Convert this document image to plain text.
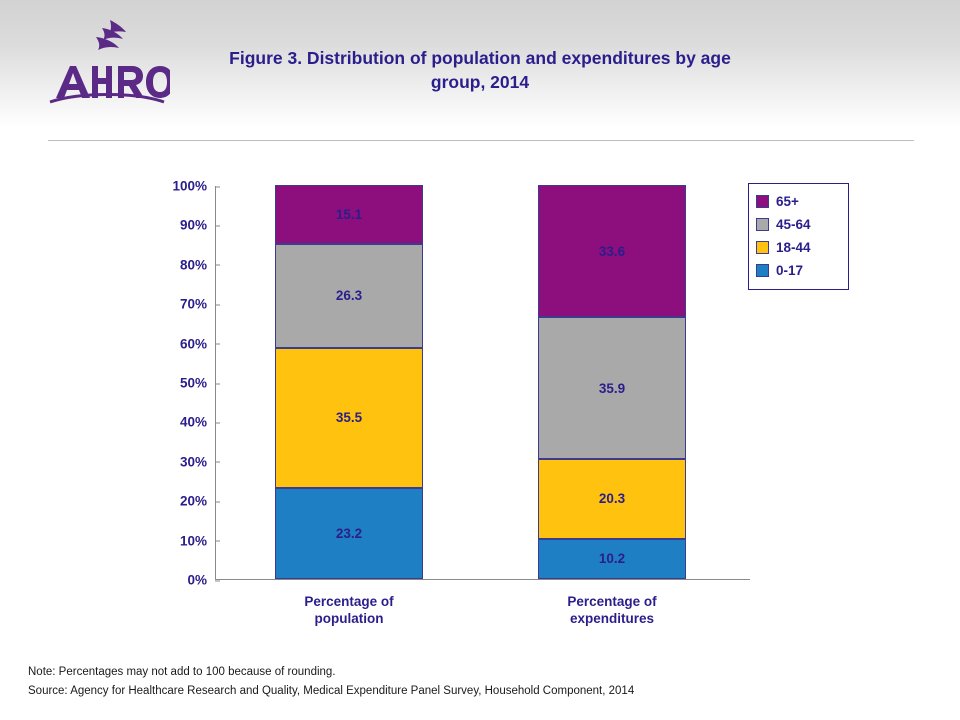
Figure 3. Distribution of population and expenditures by age group, 2014
0%
10%
20%
30%
40%
50%
60%
70%
80%
90%
100%
23.2
35.5
26.3
15.1
Percentage of population
10.2
20.3
35.9
33.6
Percentage of expenditures
65+
45-64
18-44
0-17
Note: Percentages may not add to 100 because of rounding.
Source: Agency for Healthcare Research and Quality, Medical Expenditure Panel Survey, Household Component, 2014
